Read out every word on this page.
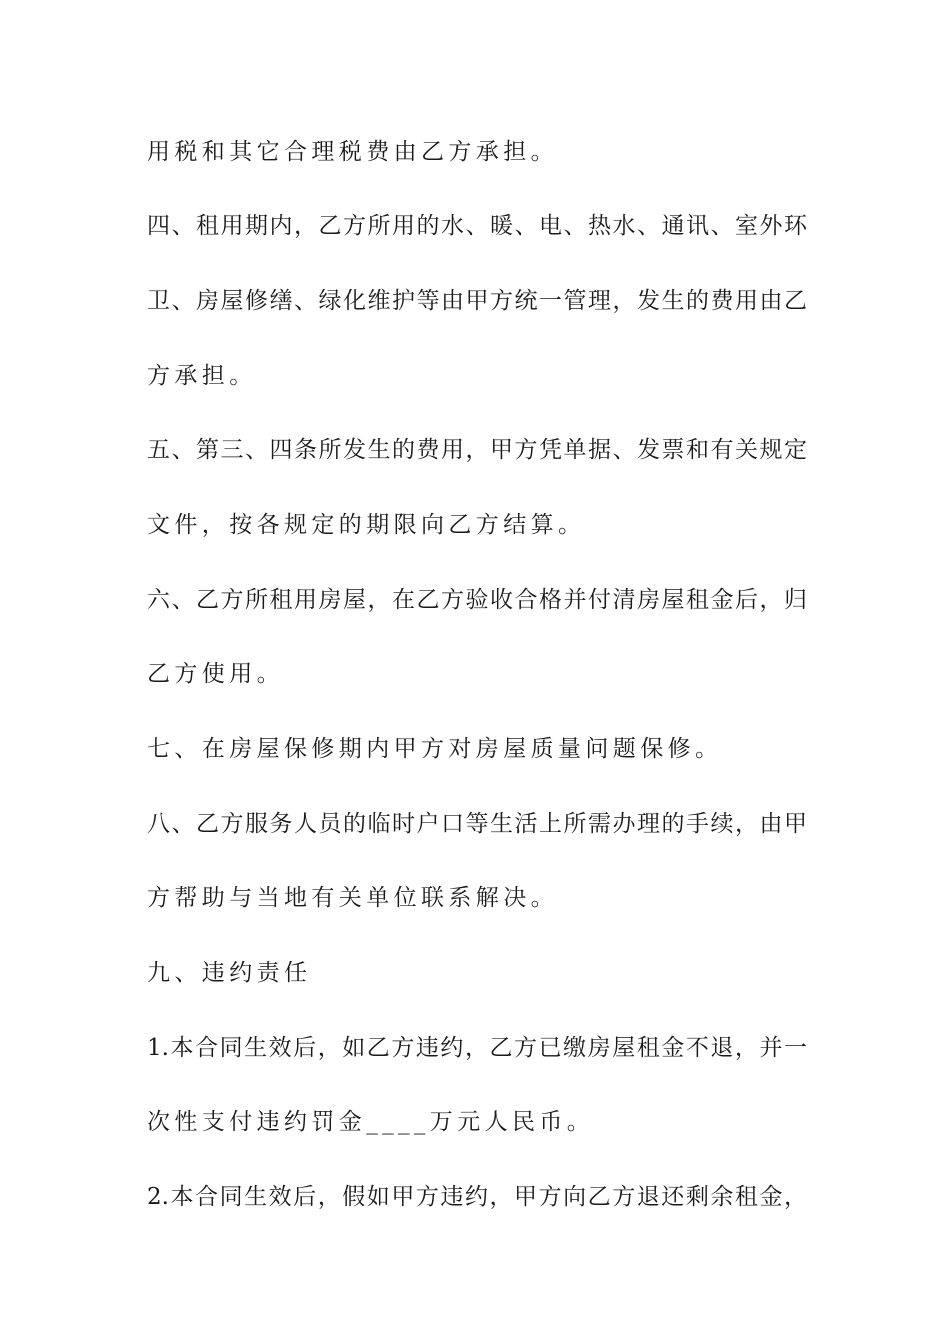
用税和其它合理税费由乙方承担。
四、租用期内，乙方所用的水、暖、电、热水、通讯、室外环
卫、房屋修缮、绿化维护等由甲方统一管理，发生的费用由乙
方承担。
五、第三、四条所发生的费用，甲方凭单据、发票和有关规定
文件，按各规定的期限向乙方结算。
六、乙方所租用房屋，在乙方验收合格并付清房屋租金后，归
乙方使用。
七、在房屋保修期内甲方对房屋质量问题保修。
八、乙方服务人员的临时户口等生活上所需办理的手续，由甲
方帮助与当地有关单位联系解决。
九、违约责任
1.本合同生效后，如乙方违约，乙方已缴房屋租金不退，并一
次性支付违约罚金____万元人民币。
2.本合同生效后，假如甲方违约，甲方向乙方退还剩余租金，
